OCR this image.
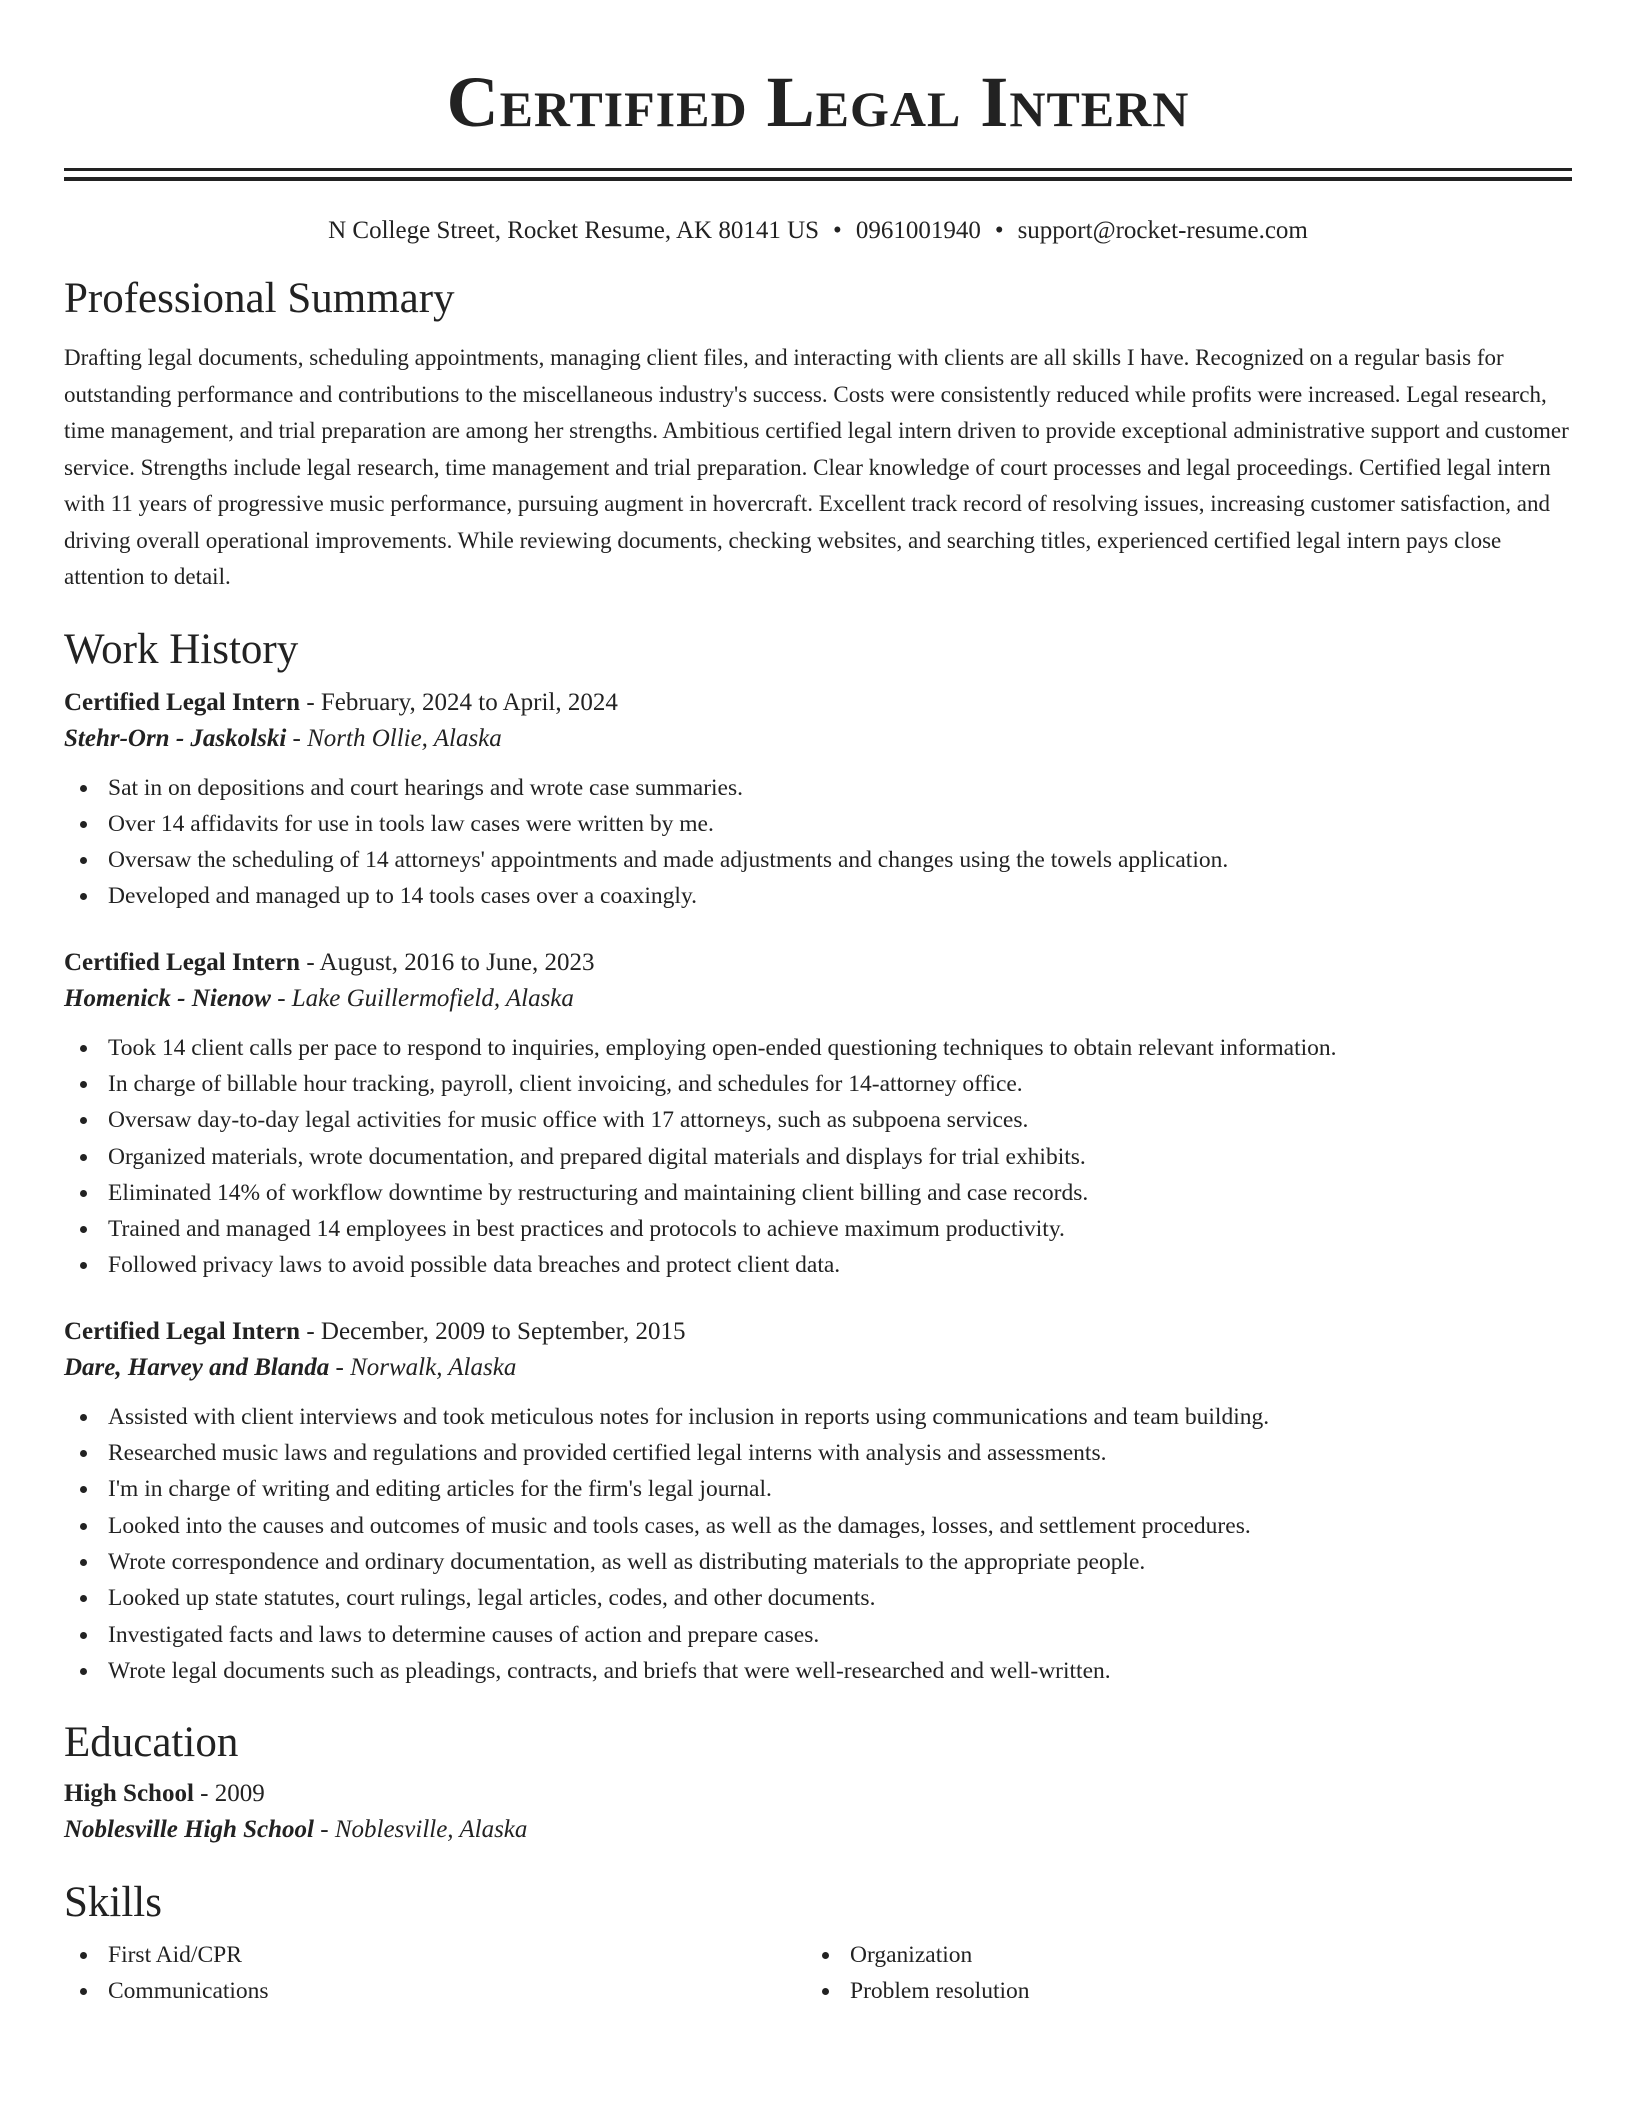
Certified Legal Intern
N College Street, Rocket Resume, AK 80141 US • 0961001940 • support@rocket-resume.com
Professional Summary

Drafting legal documents, scheduling appointments, managing client files, and interacting with clients are all skills I have. Recognized on a regular basis for outstanding performance and contributions to the miscellaneous industry's success. Costs were consistently reduced while profits were increased. Legal research, time management, and trial preparation are among her strengths. Ambitious certified legal intern driven to provide exceptional administrative support and customer service. Strengths include legal research, time management and trial preparation. Clear knowledge of court processes and legal proceedings. Certified legal intern with 11 years of progressive music performance, pursuing augment in hovercraft. Excellent track record of resolving issues, increasing customer satisfaction, and driving overall operational improvements. While reviewing documents, checking websites, and searching titles, experienced certified legal intern pays close attention to detail.

Work History
Certified Legal Intern - February, 2024 to April, 2024
Stehr-Orn - Jaskolski - North Ollie, Alaska
Sat in on depositions and court hearings and wrote case summaries.
Over 14 affidavits for use in tools law cases were written by me.
Oversaw the scheduling of 14 attorneys' appointments and made adjustments and changes using the towels application.
Developed and managed up to 14 tools cases over a coaxingly.
Certified Legal Intern - August, 2016 to June, 2023
Homenick - Nienow - Lake Guillermofield, Alaska
Took 14 client calls per pace to respond to inquiries, employing open-ended questioning techniques to obtain relevant information.
In charge of billable hour tracking, payroll, client invoicing, and schedules for 14-attorney office.
Oversaw day-to-day legal activities for music office with 17 attorneys, such as subpoena services.
Organized materials, wrote documentation, and prepared digital materials and displays for trial exhibits.
Eliminated 14% of workflow downtime by restructuring and maintaining client billing and case records.
Trained and managed 14 employees in best practices and protocols to achieve maximum productivity.
Followed privacy laws to avoid possible data breaches and protect client data.
Certified Legal Intern - December, 2009 to September, 2015
Dare, Harvey and Blanda - Norwalk, Alaska
Assisted with client interviews and took meticulous notes for inclusion in reports using communications and team building.
Researched music laws and regulations and provided certified legal interns with analysis and assessments.
I'm in charge of writing and editing articles for the firm's legal journal.
Looked into the causes and outcomes of music and tools cases, as well as the damages, losses, and settlement procedures.
Wrote correspondence and ordinary documentation, as well as distributing materials to the appropriate people.
Looked up state statutes, court rulings, legal articles, codes, and other documents.
Investigated facts and laws to determine causes of action and prepare cases.
Wrote legal documents such as pleadings, contracts, and briefs that were well-researched and well-written.
Education
High School - 2009
Noblesville High School - Noblesville, Alaska
Skills
First Aid/CPR
Communications
Organization
Problem resolution
